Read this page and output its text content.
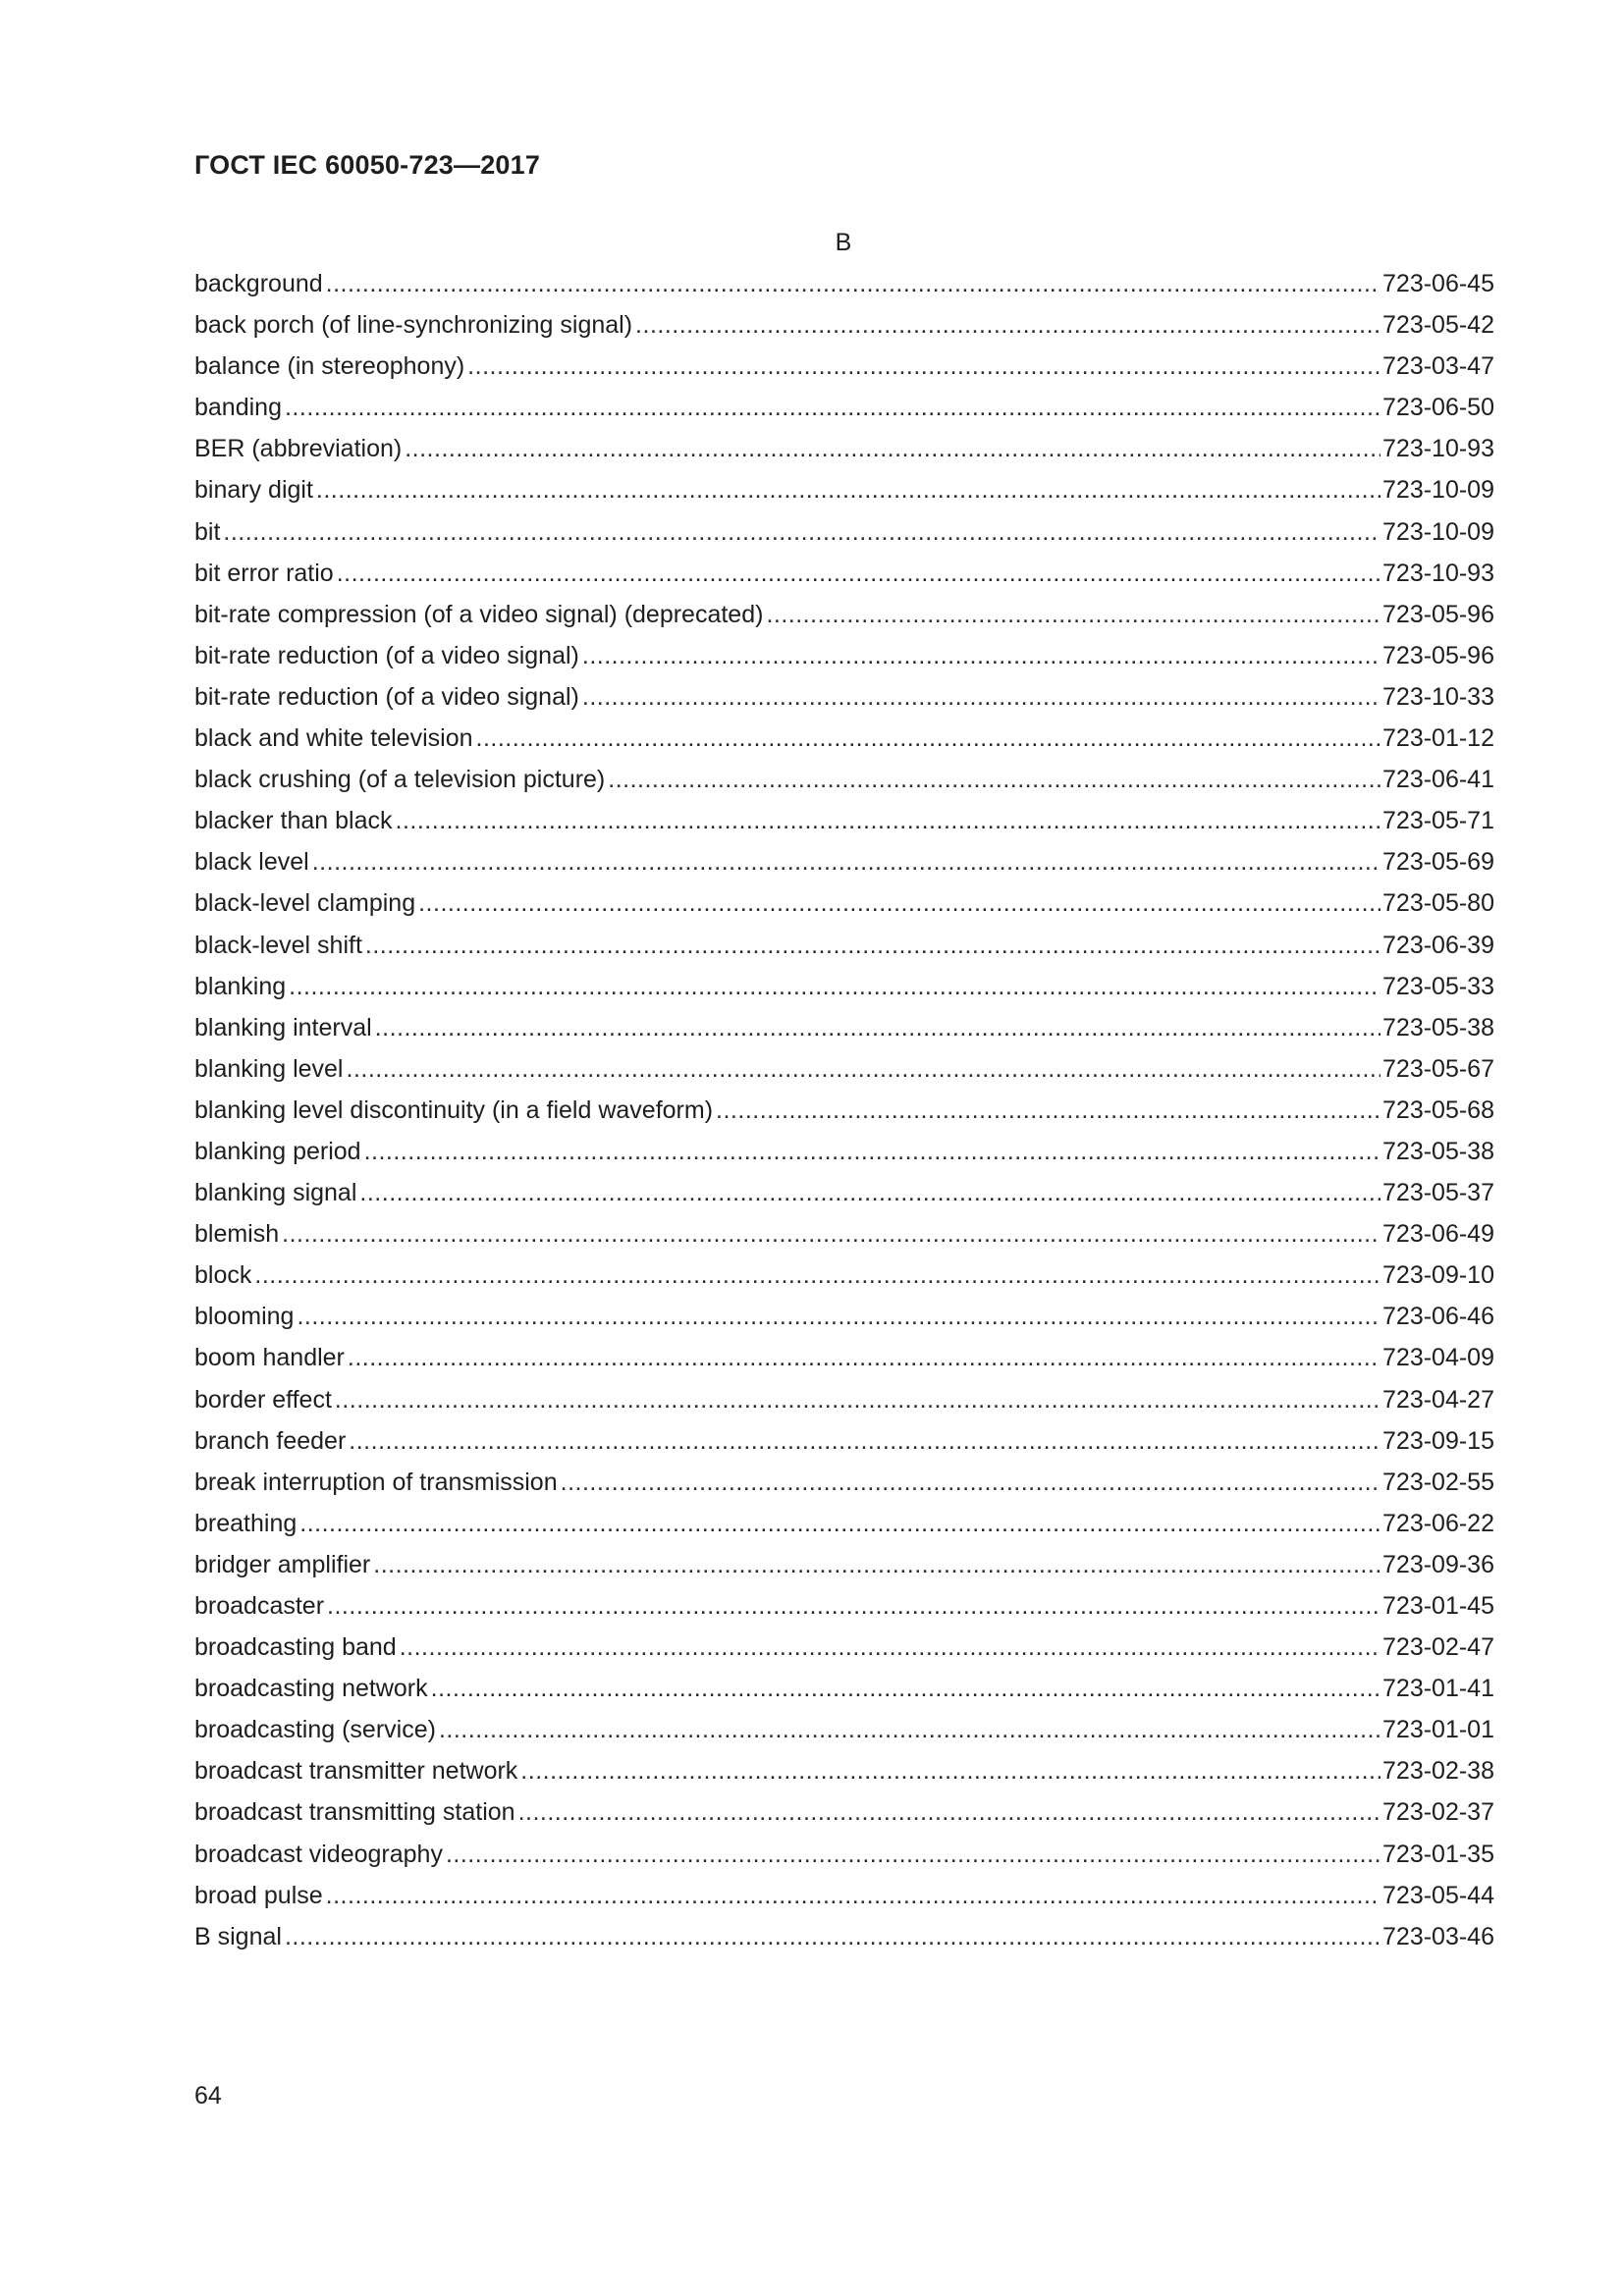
ГОСТ IEC 60050-723—2017
B
background .....	723-06-45
back porch (of line-synchronizing signal) .....	723-05-42
balance (in stereophony) .....	723-03-47
banding .....	723-06-50
BER (abbreviation) .....	723-10-93
binary digit .....	723-10-09
bit .....	723-10-09
bit error ratio .....	723-10-93
bit-rate compression (of a video signal) (deprecated) .....	723-05-96
bit-rate reduction (of a video signal) .....	723-05-96
bit-rate reduction (of a video signal) .....	723-10-33
black and white television .....	723-01-12
black crushing (of a television picture) .....	723-06-41
blacker than black .....	723-05-71
black level .....	723-05-69
black-level clamping .....	723-05-80
black-level shift .....	723-06-39
blanking .....	723-05-33
blanking interval .....	723-05-38
blanking level .....	723-05-67
blanking level discontinuity (in a field waveform) .....	723-05-68
blanking period .....	723-05-38
blanking signal .....	723-05-37
blemish .....	723-06-49
block .....	723-09-10
blooming .....	723-06-46
boom handler .....	723-04-09
border effect .....	723-04-27
branch feeder .....	723-09-15
break interruption of transmission .....	723-02-55
breathing .....	723-06-22
bridger amplifier .....	723-09-36
broadcaster .....	723-01-45
broadcasting band .....	723-02-47
broadcasting network .....	723-01-41
broadcasting (service) .....	723-01-01
broadcast transmitter network .....	723-02-38
broadcast transmitting station .....	723-02-37
broadcast videography .....	723-01-35
broad pulse .....	723-05-44
B signal .....	723-03-46
64
